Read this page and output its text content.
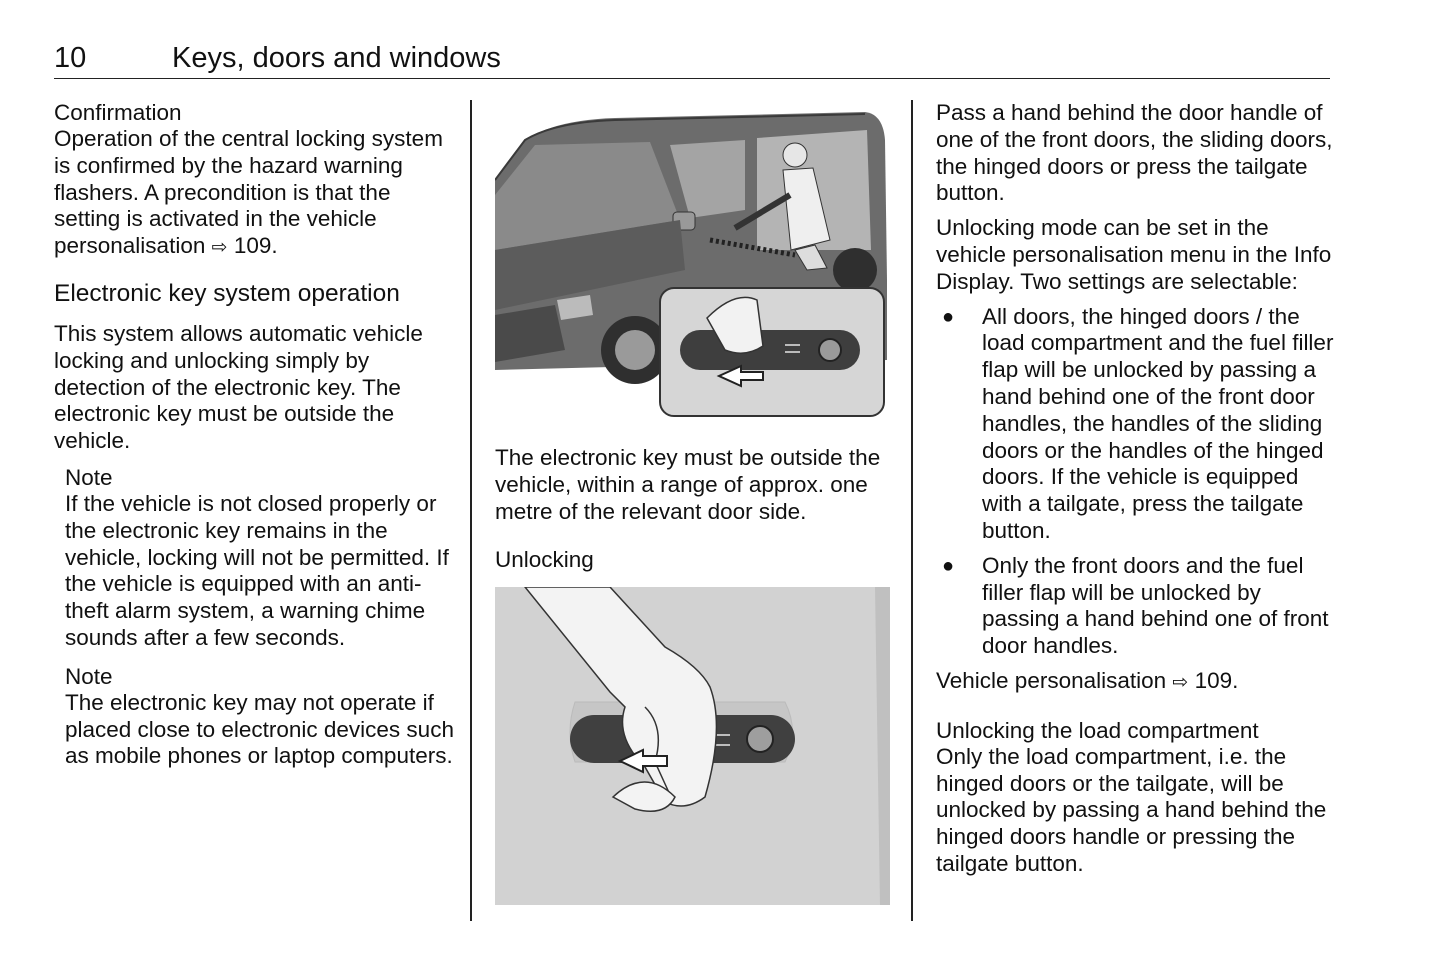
10	Keys, doors and windows

Confirmation

Operation of the central locking system is confirmed by the hazard warning flashers. A precondition is that the setting is activated in the vehicle personalisation ⇨ 109.

Electronic key system operation

This system allows automatic vehicle locking and unlocking simply by detection of the electronic key. The electronic key must be outside the vehicle.

Note

If the vehicle is not closed properly or the electronic key remains in the vehicle, locking will not be permitted. If the vehicle is equipped with an anti-theft alarm system, a warning chime sounds after a few seconds.

Note

The electronic key may not operate if placed close to electronic devices such as mobile phones or laptop computers.

The electronic key must be outside the vehicle, within a range of approx. one metre of the relevant door side.

Unlocking

Pass a hand behind the door handle of one of the front doors, the sliding doors, the hinged doors or press the tailgate button.

Unlocking mode can be set in the vehicle personalisation menu in the Info Display. Two settings are selectable:

● All doors, the hinged doors / the load compartment and the fuel filler flap will be unlocked by passing a hand behind one of the front door handles, the handles of the sliding doors or the handles of the hinged doors. If the vehicle is equipped with a tailgate, press the tailgate button.
● Only the front doors and the fuel filler flap will be unlocked by passing a hand behind one of front door handles.

Vehicle personalisation ⇨ 109.

Unlocking the load compartment

Only the load compartment, i.e. the hinged doors or the tailgate, will be unlocked by passing a hand behind the hinged doors handle or pressing the tailgate button.
